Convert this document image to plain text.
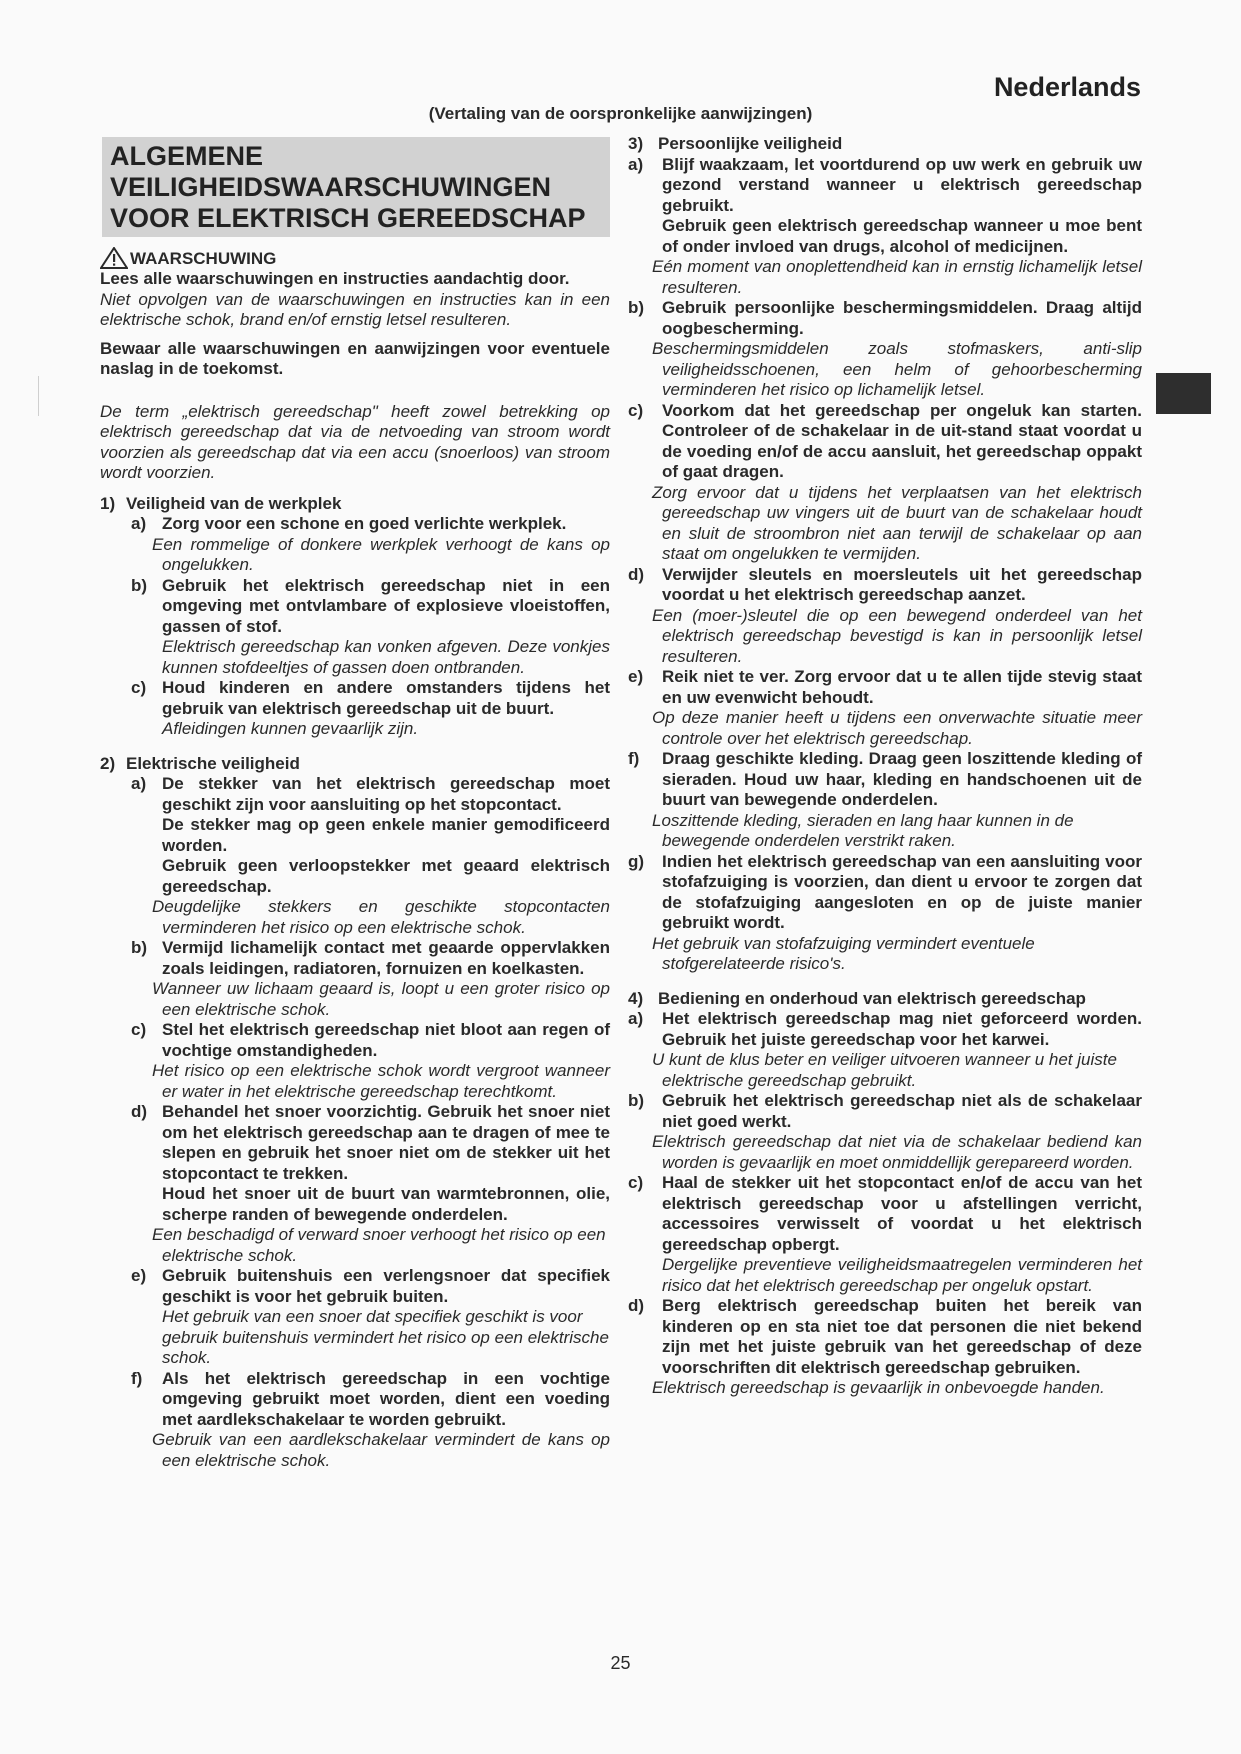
Nederlands
(Vertaling van de oorspronkelijke aanwijzingen)
ALGEMENE
VEILIGHEIDSWAARSCHUWINGEN
VOOR ELEKTRISCH GEREEDSCHAP
WAARSCHUWING

Lees alle waarschuwingen en instructies aandachtig door.

Niet opvolgen van de waarschuwingen en instructies kan in een elektrische schok, brand en/of ernstig letsel resulteren.

Bewaar alle waarschuwingen en aanwijzingen voor eventuele naslag in de toekomst.

De term „elektrisch gereedschap" heeft zowel betrekking op elektrisch gereedschap dat via de netvoeding van stroom wordt voorzien als gereedschap dat via een accu (snoerloos) van stroom wordt voorzien.

1) Veiligheid van de werkplek
a) Zorg voor een schone en goed verlichte werkplek.

Een rommelige of donkere werkplek verhoogt de kans op ongelukken.

b) Gebruik het elektrisch gereedschap niet in een omgeving met ontvlambare of explosieve vloeistoffen, gassen of stof.

Elektrisch gereedschap kan vonken afgeven. Deze vonkjes kunnen stofdeeltjes of gassen doen ontbranden.

c) Houd kinderen en andere omstanders tijdens het gebruik van elektrisch gereedschap uit de buurt.

Afleidingen kunnen gevaarlijk zijn.

2) Elektrische veiligheid
a) De stekker van het elektrisch gereedschap moet geschikt zijn voor aansluiting op het stopcontact.

De stekker mag op geen enkele manier gemodificeerd worden.

Gebruik geen verloopstekker met geaard elektrisch gereedschap.

Deugdelijke stekkers en geschikte stopcontacten verminderen het risico op een elektrische schok.

b) Vermijd lichamelijk contact met geaarde oppervlakken zoals leidingen, radiatoren, fornuizen en koelkasten.

Wanneer uw lichaam geaard is, loopt u een groter risico op een elektrische schok.

c) Stel het elektrisch gereedschap niet bloot aan regen of vochtige omstandigheden.

Het risico op een elektrische schok wordt vergroot wanneer er water in het elektrische gereedschap terechtkomt.

d) Behandel het snoer voorzichtig. Gebruik het snoer niet om het elektrisch gereedschap aan te dragen of mee te slepen en gebruik het snoer niet om de stekker uit het stopcontact te trekken.

Houd het snoer uit de buurt van warmtebronnen, olie, scherpe randen of bewegende onderdelen.

Een beschadigd of verward snoer verhoogt het risico op een elektrische schok.

e) Gebruik buitenshuis een verlengsnoer dat specifiek geschikt is voor het gebruik buiten.

Het gebruik van een snoer dat specifiek geschikt is voor gebruik buitenshuis vermindert het risico op een elektrische schok.

f) Als het elektrisch gereedschap in een vochtige omgeving gebruikt moet worden, dient een voeding met aardlekschakelaar te worden gebruikt.

Gebruik van een aardlekschakelaar vermindert de kans op een elektrische schok.

3) Persoonlijke veiligheid
a) Blijf waakzaam, let voortdurend op uw werk en gebruik uw gezond verstand wanneer u elektrisch gereedschap gebruikt.

Gebruik geen elektrisch gereedschap wanneer u moe bent of onder invloed van drugs, alcohol of medicijnen.

Eén moment van onoplettendheid kan in ernstig lichamelijk letsel resulteren.

b) Gebruik persoonlijke beschermingsmiddelen. Draag altijd oogbescherming.

Beschermingsmiddelen zoals stofmaskers, anti-slip veiligheidsschoenen, een helm of gehoorbescherming verminderen het risico op lichamelijk letsel.

c) Voorkom dat het gereedschap per ongeluk kan starten. Controleer of de schakelaar in de uit-stand staat voordat u de voeding en/of de accu aansluit, het gereedschap oppakt of gaat dragen.

Zorg ervoor dat u tijdens het verplaatsen van het elektrisch gereedschap uw vingers uit de buurt van de schakelaar houdt en sluit de stroombron niet aan terwijl de schakelaar op aan staat om ongelukken te vermijden.

d) Verwijder sleutels en moersleutels uit het gereedschap voordat u het elektrisch gereedschap aanzet.

Een (moer-)sleutel die op een bewegend onderdeel van het elektrisch gereedschap bevestigd is kan in persoonlijk letsel resulteren.

e) Reik niet te ver. Zorg ervoor dat u te allen tijde stevig staat en uw evenwicht behoudt.

Op deze manier heeft u tijdens een onverwachte situatie meer controle over het elektrisch gereedschap.

f) Draag geschikte kleding. Draag geen loszittende kleding of sieraden. Houd uw haar, kleding en handschoenen uit de buurt van bewegende onderdelen.

Loszittende kleding, sieraden en lang haar kunnen in de bewegende onderdelen verstrikt raken.

g) Indien het elektrisch gereedschap van een aansluiting voor stofafzuiging is voorzien, dan dient u ervoor te zorgen dat de stofafzuiging aangesloten en op de juiste manier gebruikt wordt.

Het gebruik van stofafzuiging vermindert eventuele stofgerelateerde risico's.

4) Bediening en onderhoud van elektrisch gereedschap
a) Het elektrisch gereedschap mag niet geforceerd worden. Gebruik het juiste gereedschap voor het karwei.

U kunt de klus beter en veiliger uitvoeren wanneer u het juiste elektrische gereedschap gebruikt.

b) Gebruik het elektrisch gereedschap niet als de schakelaar niet goed werkt.

Elektrisch gereedschap dat niet via de schakelaar bediend kan worden is gevaarlijk en moet onmiddellijk gerepareerd worden.

c) Haal de stekker uit het stopcontact en/of de accu van het elektrisch gereedschap voor u afstellingen verricht, accessoires verwisselt of voordat u het elektrisch gereedschap opbergt.

Dergelijke preventieve veiligheidsmaatregelen verminderen het risico dat het elektrisch gereedschap per ongeluk opstart.

d) Berg elektrisch gereedschap buiten het bereik van kinderen op en sta niet toe dat personen die niet bekend zijn met het juiste gebruik van het gereedschap of deze voorschriften dit elektrisch gereedschap gebruiken.

Elektrisch gereedschap is gevaarlijk in onbevoegde handen.

25
